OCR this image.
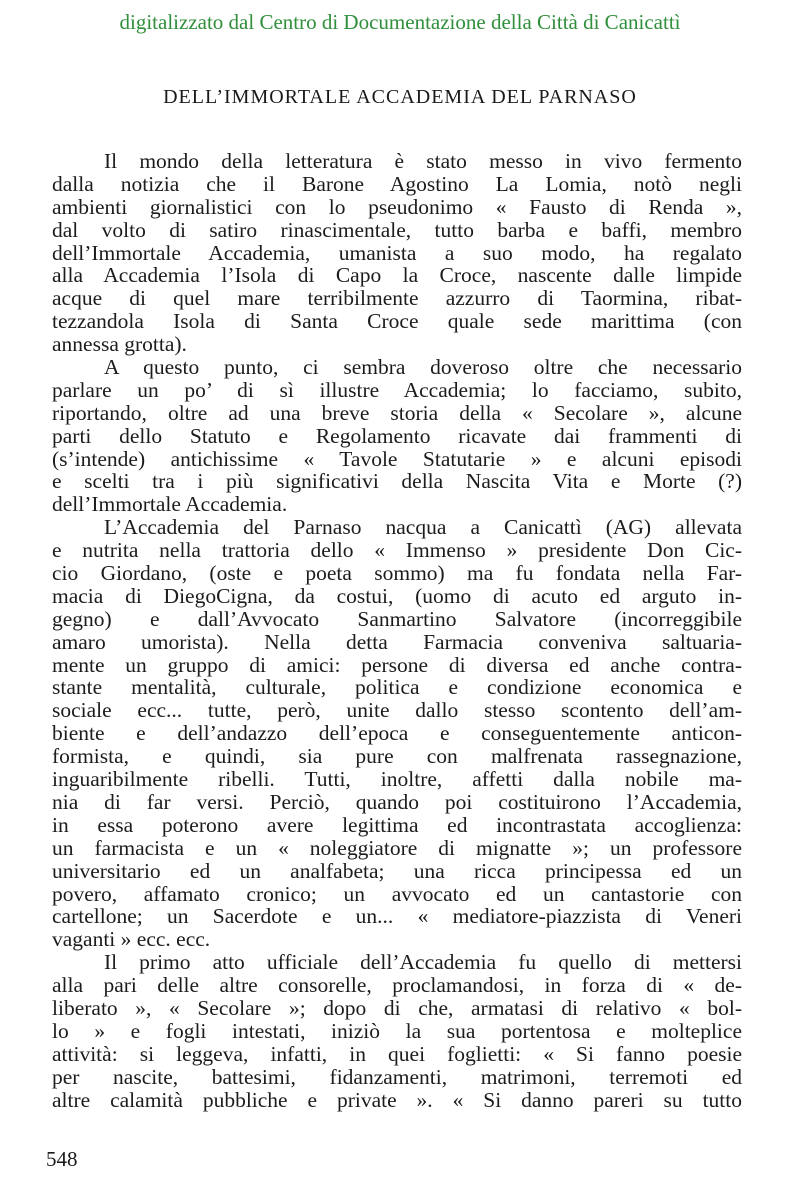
digitalizzato dal Centro di Documentazione della Città di Canicattì
DELL’IMMORTALE ACCADEMIA DEL PARNASO
Il mondo della letteratura è stato messo in vivo fermento
dalla notizia che il Barone Agostino La Lomia, notò negli
ambienti giornalistici con lo pseudonimo « Fausto di Renda »,
dal volto di satiro rinascimentale, tutto barba e baffi, membro
dell’Immortale Accademia, umanista a suo modo, ha regalato
alla Accademia l’Isola di Capo la Croce, nascente dalle limpide
acque di quel mare terribilmente azzurro di Taormina, ribat-
tezzandola Isola di Santa Croce quale sede marittima (con
annessa grotta).
A questo punto, ci sembra doveroso oltre che necessario
parlare un po’ di sì illustre Accademia; lo facciamo, subito,
riportando, oltre ad una breve storia della « Secolare », alcune
parti dello Statuto e Regolamento ricavate dai frammenti di
(s’intende) antichissime « Tavole Statutarie » e alcuni episodi
e scelti tra i più significativi della Nascita Vita e Morte (?)
dell’Immortale Accademia.
L’Accademia del Parnaso nacqua a Canicattì (AG) allevata
e nutrita nella trattoria dello « Immenso » presidente Don Cic-
cio Giordano, (oste e poeta sommo) ma fu fondata nella Far-
macia di DiegoCigna, da costui, (uomo di acuto ed arguto in-
gegno) e dall’Avvocato Sanmartino Salvatore (incorreggibile
amaro umorista). Nella detta Farmacia conveniva saltuaria-
mente un gruppo di amici: persone di diversa ed anche contra-
stante mentalità, culturale, politica e condizione economica e
sociale ecc... tutte, però, unite dallo stesso scontento dell’am-
biente e dell’andazzo dell’epoca e conseguentemente anticon-
formista, e quindi, sia pure con malfrenata rassegnazione,
inguaribilmente ribelli. Tutti, inoltre, affetti dalla nobile ma-
nia di far versi. Perciò, quando poi costituirono l’Accademia,
in essa poterono avere legittima ed incontrastata accoglienza:
un farmacista e un « noleggiatore di mignatte »; un professore
universitario ed un analfabeta; una ricca principessa ed un
povero, affamato cronico; un avvocato ed un cantastorie con
cartellone; un Sacerdote e un... « mediatore-piazzista di Veneri
vaganti » ecc. ecc.
Il primo atto ufficiale dell’Accademia fu quello di mettersi
alla pari delle altre consorelle, proclamandosi, in forza di « de-
liberato », « Secolare »; dopo di che, armatasi di relativo « bol-
lo » e fogli intestati, iniziò la sua portentosa e molteplice
attività: si leggeva, infatti, in quei foglietti: « Si fanno poesie
per nascite, battesimi, fidanzamenti, matrimoni, terremoti ed
altre calamità pubbliche e private ». « Si danno pareri su tutto
548
